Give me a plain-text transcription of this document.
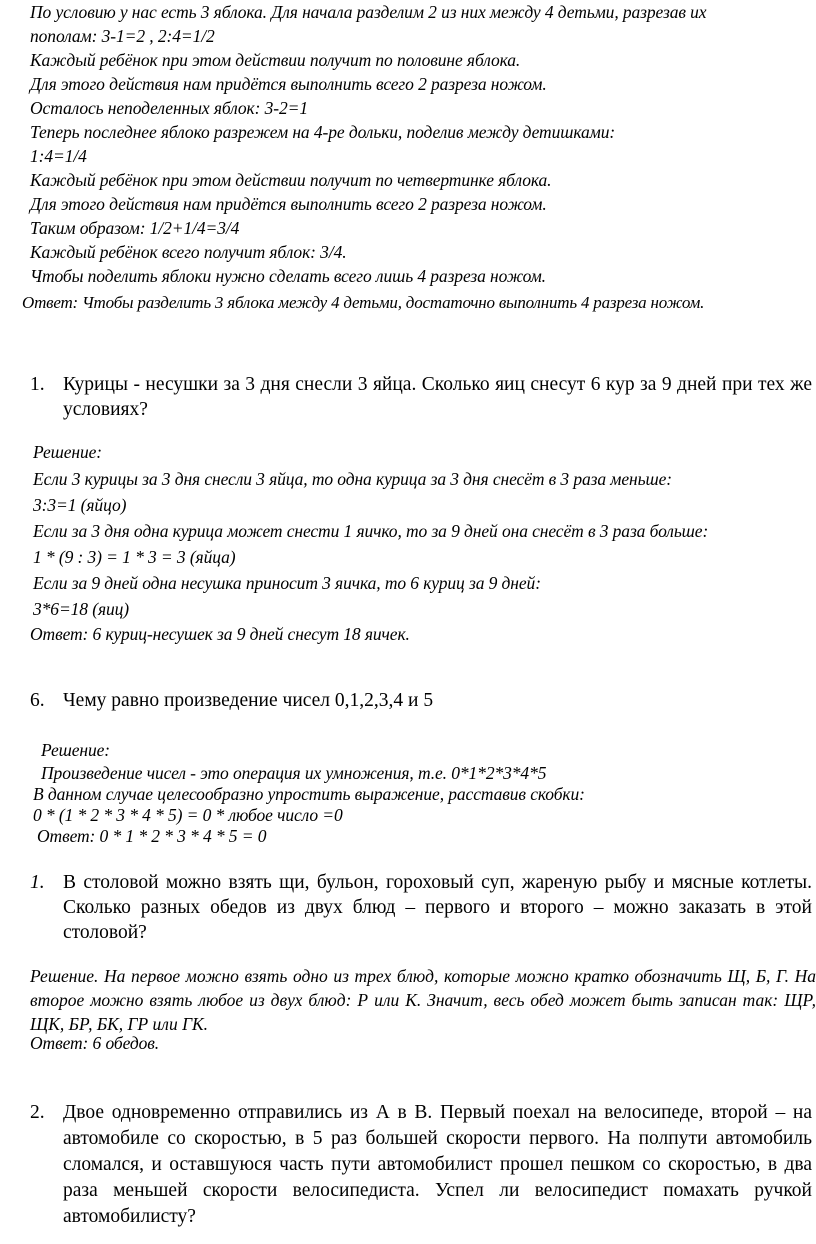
По условию у нас есть 3 яблока. Для начала разделим 2 из них между 4 детьми, разрезав их
пополам: 3-1=2 , 2:4=1/2
Каждый ребёнок при этом действии получит по половине яблока.
Для этого действия нам придётся выполнить всего 2 разреза ножом.
Осталось неподеленных яблок: 3-2=1
Теперь последнее яблоко разрежем на 4-ре дольки, поделив между детишками:
1:4=1/4
Каждый ребёнок при этом действии получит по четвертинке яблока.
Для этого действия нам придётся выполнить всего 2 разреза ножом.
Таким образом: 1/2+1/4=3/4
Каждый ребёнок всего получит яблок: 3/4.
Чтобы поделить яблоки нужно сделать всего лишь 4 разреза ножом.
Ответ: Чтобы разделить 3 яблока между 4 детьми, достаточно выполнить 4 разреза ножом.
1. Курицы - несушки за 3 дня снесли 3 яйца. Сколько яиц снесут 6 кур за 9 дней при тех же условиях?
Решение:
Если 3 курицы за 3 дня снесли 3 яйца, то одна курица за 3 дня снесёт в 3 раза меньше:
3:3=1 (яйцо)
Если за 3 дня одна курица может снести 1 яичко, то за 9 дней она снесёт в 3 раза больше:
1 * (9 : 3) = 1 * 3 = 3 (яйца)
Если за 9 дней одна несушка приносит 3 яичка, то 6 куриц за 9 дней:
3*6=18 (яиц)
Ответ: 6 куриц-несушек за 9 дней снесут 18 яичек.
6. Чему равно произведение чисел 0,1,2,3,4 и 5
Решение:
Произведение чисел - это операция их умножения, т.е. 0*1*2*3*4*5
В данном случае целесообразно упростить выражение, расставив скобки:
0 * (1 * 2 * 3 * 4 * 5) = 0 * любое число =0
Ответ: 0 * 1 * 2 * 3 * 4 * 5 = 0
1. В столовой можно взять щи, бульон, гороховый суп, жареную рыбу и мясные котлеты. Сколько разных обедов из двух блюд – первого и второго – можно заказать в этой столовой?
Решение. На первое можно взять одно из трех блюд, которые можно кратко обозначить Щ, Б, Г. На второе можно взять любое из двух блюд: Р или К. Значит, весь обед может быть записан так: ЩР, ЩК, БР, БК, ГР или ГК.
Ответ: 6 обедов.
2. Двое одновременно отправились из А в В. Первый поехал на велосипеде, второй – на автомобиле со скоростью, в 5 раз большей скорости первого. На полпути автомобиль сломался, и оставшуюся часть пути автомобилист прошел пешком со скоростью, в два раза меньшей скорости велосипедиста. Успел ли велосипедист помахать ручкой автомобилисту?
